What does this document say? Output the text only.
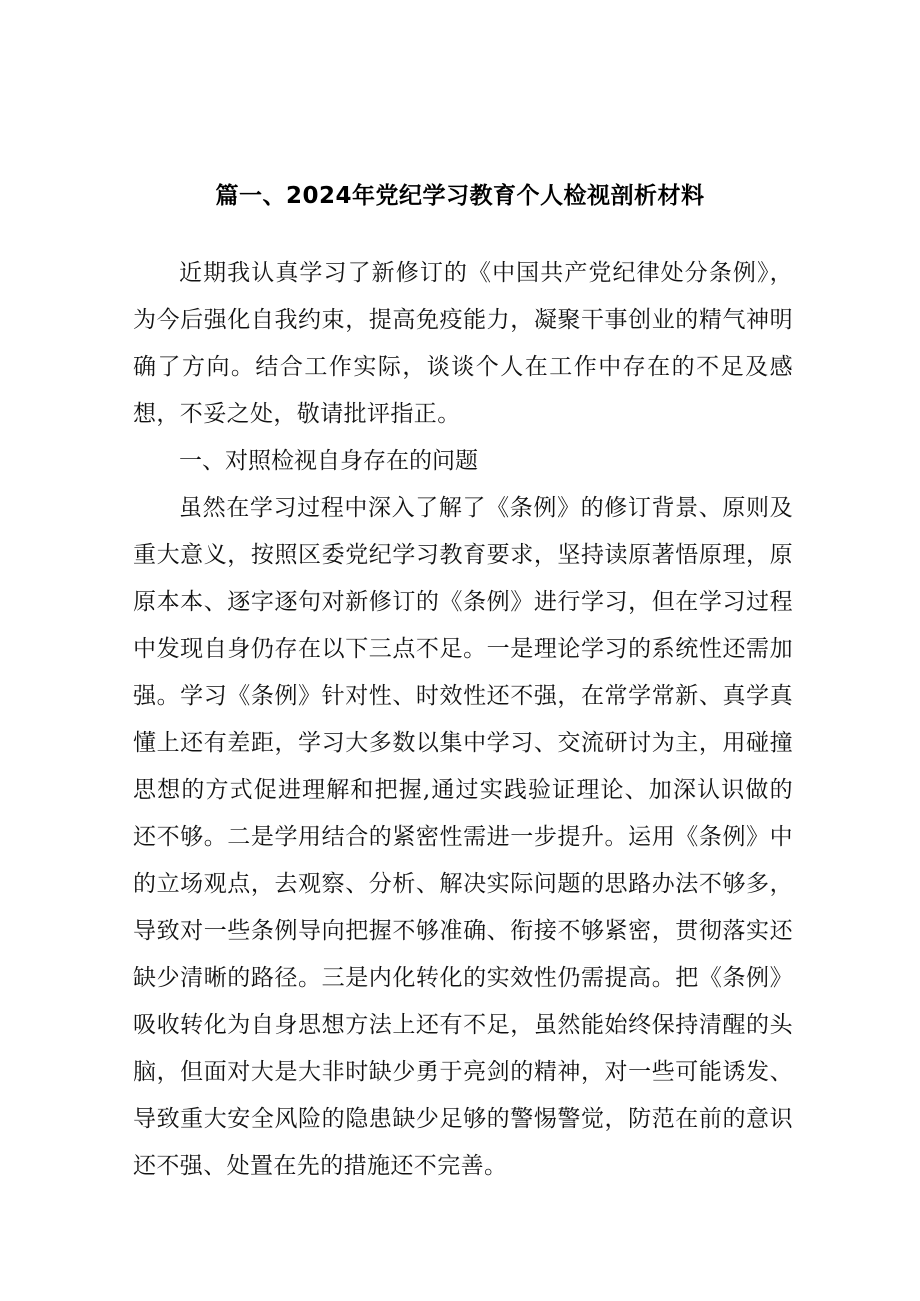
篇一、2024年党纪学习教育个人检视剖析材料

近期我认真学习了新修订的《中国共产党纪律处分条例》，为今后强化自我约束，提高免疫能力，凝聚干事创业的精气神明确了方向。结合工作实际，谈谈个人在工作中存在的不足及感想，不妥之处，敬请批评指正。

一、对照检视自身存在的问题

虽然在学习过程中深入了解了《条例》的修订背景、原则及重大意义，按照区委党纪学习教育要求，坚持读原著悟原理，原原本本、逐字逐句对新修订的《条例》进行学习，但在学习过程中发现自身仍存在以下三点不足。一是理论学习的系统性还需加强。学习《条例》针对性、时效性还不强，在常学常新、真学真懂上还有差距，学习大多数以集中学习、交流研讨为主，用碰撞思想的方式促进理解和把握,通过实践验证理论、加深认识做的还不够。二是学用结合的紧密性需进一步提升。运用《条例》中的立场观点，去观察、分析、解决实际问题的思路办法不够多，导致对一些条例导向把握不够准确、衔接不够紧密，贯彻落实还缺少清晰的路径。三是内化转化的实效性仍需提高。把《条例》吸收转化为自身思想方法上还有不足，虽然能始终保持清醒的头脑，但面对大是大非时缺少勇于亮剑的精神，对一些可能诱发、导致重大安全风险的隐患缺少足够的警惕警觉，防范在前的意识还不强、处置在先的措施还不完善。
